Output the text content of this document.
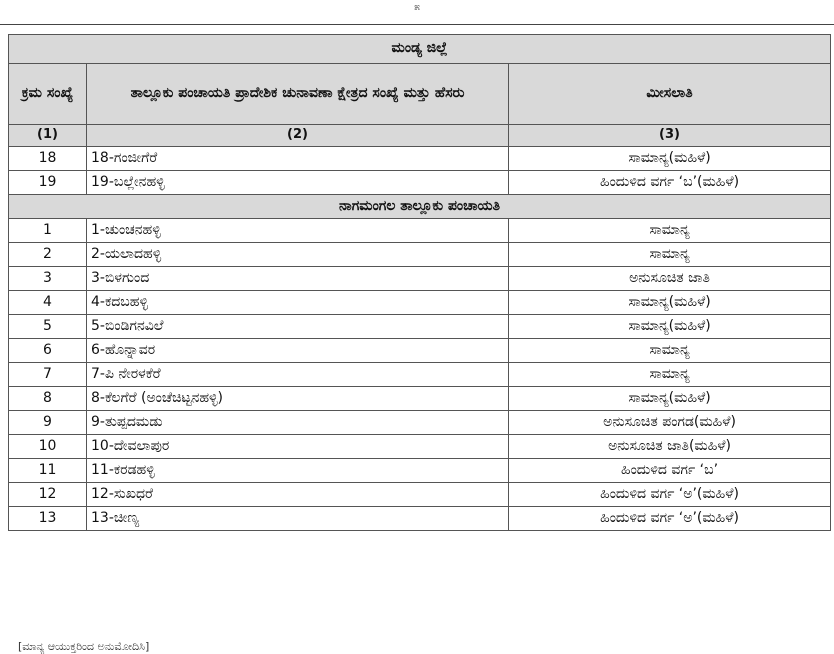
೫
ಮಂಡ್ಯ ಜಿಲ್ಲೆ		
ಕ್ರಮ ಸಂಖ್ಯೆ	ತಾಲ್ಲೂಕು ಪಂಚಾಯತಿ ಪ್ರಾದೇಶಿಕ ಚುನಾವಣಾ ಕ್ಷೇತ್ರದ ಸಂಖ್ಯೆ ಮತ್ತು ಹೆಸರು	ಮೀಸಲಾತಿ
(1)	(2)	(3)
18	18-ಗಂಜೀಗೆರೆ	ಸಾಮಾನ್ಯ(ಮಹಿಳೆ)
19	19-ಬಲ್ಲೇನಹಳ್ಳಿ	ಹಿಂದುಳಿದ ವರ್ಗ ‘ಬ’(ಮಹಿಳೆ)
ನಾಗಮಂಗಲ ತಾಲ್ಲೂಕು ಪಂಚಾಯತಿ		
1	1-ಚುಂಚನಹಳ್ಳಿ	ಸಾಮಾನ್ಯ
2	2-ಯಲಾದಹಳ್ಳಿ	ಸಾಮಾನ್ಯ
3	3-ಬಿಳಗುಂದ	ಅನುಸೂಚಿತ ಜಾತಿ
4	4-ಕದಬಹಳ್ಳಿ	ಸಾಮಾನ್ಯ(ಮಹಿಳೆ)
5	5-ಬಿಂಡಿಗನವಿಲೆ	ಸಾಮಾನ್ಯ(ಮಹಿಳೆ)
6	6-ಹೊನ್ನಾವರ	ಸಾಮಾನ್ಯ
7	7-ಪಿ ನೇರಳಕೆರೆ	ಸಾಮಾನ್ಯ
8	8-ಕೆಲಗೆರೆ (ಅಂಚೆಚಿಟ್ಟನಹಳ್ಳಿ)	ಸಾಮಾನ್ಯ(ಮಹಿಳೆ)
9	9-ತುಪ್ಪದಮಡು	ಅನುಸೂಚಿತ ಪಂಗಡ(ಮಹಿಳೆ)
10	10-ದೇವಲಾಪುರ	ಅನುಸೂಚಿತ ಜಾತಿ(ಮಹಿಳೆ)
11	11-ಕರಡಹಳ್ಳಿ	ಹಿಂದುಳಿದ ವರ್ಗ ‘ಬ’
12	12-ಸುಖಧರೆ	ಹಿಂದುಳಿದ ವರ್ಗ ‘ಅ’(ಮಹಿಳೆ)
13	13-ಚೀಣ್ಯ	ಹಿಂದುಳಿದ ವರ್ಗ ‘ಅ’(ಮಹಿಳೆ)
[ಮಾನ್ಯ ಆಯುಕ್ತರಿಂದ ಅನುಮೋದಿಸಿ]
